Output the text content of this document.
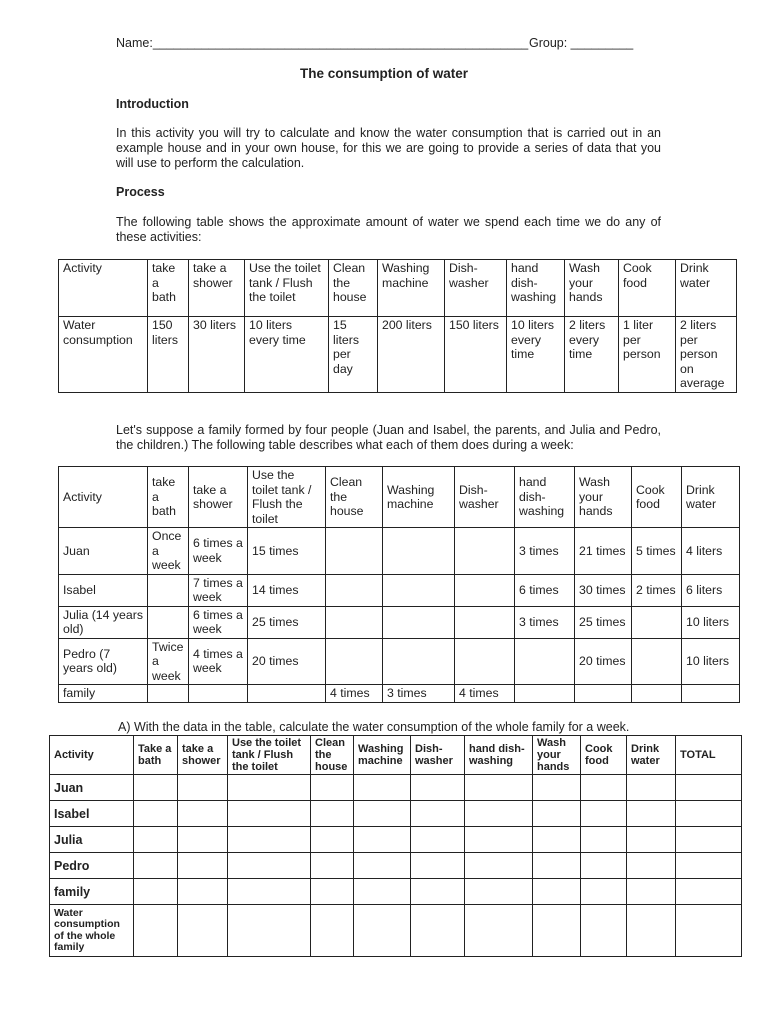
Name:______________________________________________________ Group: _________
The consumption of water
Introduction
In this activity you will try to calculate and know the water consumption that is carried out in an example house and in your own house, for this we are going to provide a series of data that you will use to perform the calculation.
Process
The following table shows the approximate amount of water we spend each time we do any of these activities:
Activity	take a bath	take a shower	Use the toilet tank / Flush the toilet	Clean the house	Washing machine	Dish-washer	hand dish-washing	Wash your hands	Cook food	Drink water
Water consumption	150 liters	30 liters	10 liters every time	15 liters per day	200 liters	150 liters	10 liters every time	2 liters every time	1 liter per person	2 liters per person on average
Let's suppose a family formed by four people (Juan and Isabel, the parents, and Julia and Pedro, the children.) The following table describes what each of them does during a week:
Activity	take a bath	take a shower	Use the toilet tank / Flush the toilet	Clean the house	Washing machine	Dish-washer	hand dish-washing	Wash your hands	Cook food	Drink water
Juan	Once a week	6 times a week	15 times				3 times	21 times	5 times	4 liters
Isabel		7 times a week	14 times				6 times	30 times	2 times	6 liters
Julia (14 years old)		6 times a week	25 times				3 times	25 times		10 liters
Pedro (7 years old)	Twice a week	4 times a week	20 times					20 times		10 liters
family				4 times	3 times	4 times				
A) With the data in the table, calculate the water consumption of the whole family for a week.
Activity	Take a bath	take a shower	Use the toilet tank / Flush the toilet	Clean the house	Washing machine	Dish-washer	hand dish-washing	Wash your hands	Cook food	Drink water	TOTAL
Juan											
Isabel											
Julia											
Pedro											
family											
Water consumption of the whole family											
